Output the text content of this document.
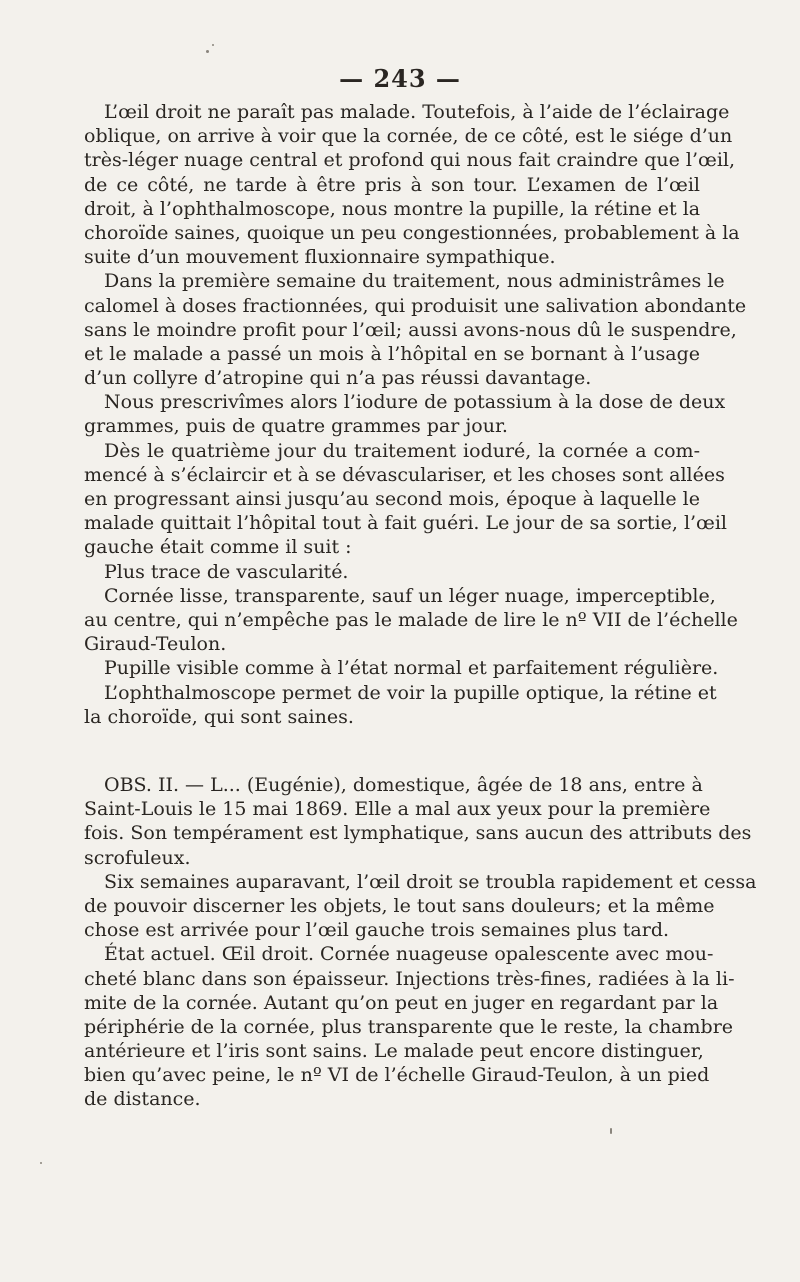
— 243 —
L’œil droit ne paraît pas malade. Toutefois, à l’aide de l’éclairage
oblique, on arrive à voir que la cornée, de ce côté, est le siége d’un
très-léger nuage central et profond qui nous fait craindre que l’œil,
de ce côté, ne tarde à être pris à son tour. L’examen de l’œil
droit, à l’ophthalmoscope, nous montre la pupille, la rétine et la
choroïde saines, quoique un peu congestionnées, probablement à la
suite d’un mouvement fluxionnaire sympathique.
Dans la première semaine du traitement, nous administrâmes le
calomel à doses fractionnées, qui produisit une salivation abondante
sans le moindre profit pour l’œil; aussi avons-nous dû le suspendre,
et le malade a passé un mois à l’hôpital en se bornant à l’usage
d’un collyre d’atropine qui n’a pas réussi davantage.
Nous prescrivîmes alors l’iodure de potassium à la dose de deux
grammes, puis de quatre grammes par jour.
Dès le quatrième jour du traitement ioduré, la cornée a com-
mencé à s’éclaircir et à se dévasculariser, et les choses sont allées
en progressant ainsi jusqu’au second mois, époque à laquelle le
malade quittait l’hôpital tout à fait guéri. Le jour de sa sortie, l’œil
gauche était comme il suit :
Plus trace de vascularité.
Cornée lisse, transparente, sauf un léger nuage, imperceptible,
au centre, qui n’empêche pas le malade de lire le nº VII de l’échelle
Giraud-Teulon.
Pupille visible comme à l’état normal et parfaitement régulière.
L’ophthalmoscope permet de voir la pupille optique, la rétine et
la choroïde, qui sont saines.
OBS. II. — L... (Eugénie), domestique, âgée de 18 ans, entre à
Saint-Louis le 15 mai 1869. Elle a mal aux yeux pour la première
fois. Son tempérament est lymphatique, sans aucun des attributs des
scrofuleux.
Six semaines auparavant, l’œil droit se troubla rapidement et cessa
de pouvoir discerner les objets, le tout sans douleurs; et la même
chose est arrivée pour l’œil gauche trois semaines plus tard.
État actuel. Œil droit. Cornée nuageuse opalescente avec mou-
cheté blanc dans son épaisseur. Injections très-fines, radiées à la li-
mite de la cornée. Autant qu’on peut en juger en regardant par la
périphérie de la cornée, plus transparente que le reste, la chambre
antérieure et l’iris sont sains. Le malade peut encore distinguer,
bien qu’avec peine, le nº VI de l’échelle Giraud-Teulon, à un pied
de distance.
